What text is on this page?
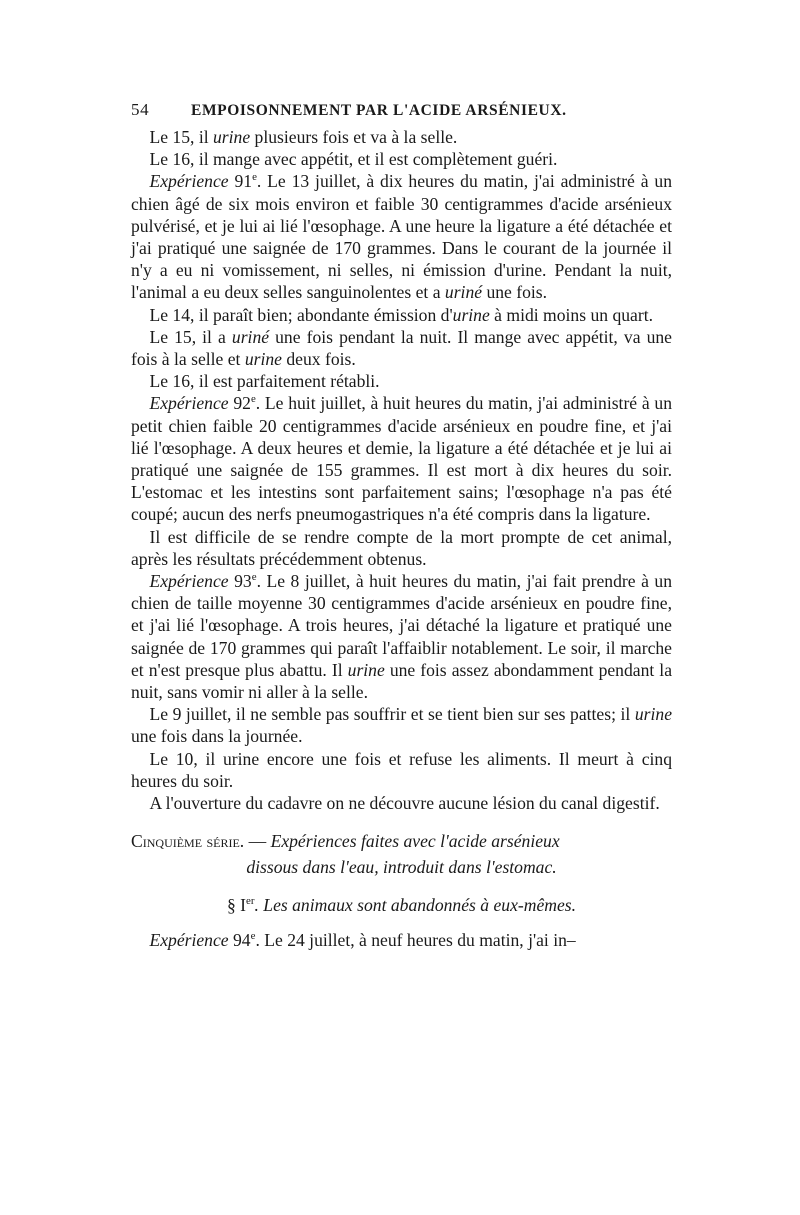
54	EMPOISONNEMENT PAR L'ACIDE ARSÉNIEUX.

Le 15, il urine plusieurs fois et va à la selle.

Le 16, il mange avec appétit, et il est complètement guéri.

Expérience 91e. Le 13 juillet, à dix heures du matin, j'ai administré à un chien âgé de six mois environ et faible 30 centigrammes d'acide arsénieux pulvérisé, et je lui ai lié l'œsophage. A une heure la ligature a été détachée et j'ai pratiqué une saignée de 170 grammes. Dans le courant de la journée il n'y a eu ni vomissement, ni selles, ni émission d'urine. Pendant la nuit, l'animal a eu deux selles sanguinolentes et a uriné une fois.

Le 14, il paraît bien; abondante émission d'urine à midi moins un quart.

Le 15, il a uriné une fois pendant la nuit. Il mange avec appétit, va une fois à la selle et urine deux fois.

Le 16, il est parfaitement rétabli.

Expérience 92e. Le huit juillet, à huit heures du matin, j'ai administré à un petit chien faible 20 centigrammes d'acide arsénieux en poudre fine, et j'ai lié l'œsophage. A deux heures et demie, la ligature a été détachée et je lui ai pratiqué une saignée de 155 grammes. Il est mort à dix heures du soir. L'estomac et les intestins sont parfaitement sains; l'œsophage n'a pas été coupé; aucun des nerfs pneumogastriques n'a été compris dans la ligature.

Il est difficile de se rendre compte de la mort prompte de cet animal, après les résultats précédemment obtenus.

Expérience 93e. Le 8 juillet, à huit heures du matin, j'ai fait prendre à un chien de taille moyenne 30 centigrammes d'acide arsénieux en poudre fine, et j'ai lié l'œsophage. A trois heures, j'ai détaché la ligature et pratiqué une saignée de 170 grammes qui paraît l'affaiblir notablement. Le soir, il marche et n'est presque plus abattu. Il urine une fois assez abondamment pendant la nuit, sans vomir ni aller à la selle.

Le 9 juillet, il ne semble pas souffrir et se tient bien sur ses pattes; il urine une fois dans la journée.

Le 10, il urine encore une fois et refuse les aliments. Il meurt à cinq heures du soir.

A l'ouverture du cadavre on ne découvre aucune lésion du canal digestif.

Cinquième série. — Expériences faites avec l'acide arsénieux
dissous dans l'eau, introduit dans l'estomac.

§ Ier. Les animaux sont abandonnés à eux-mêmes.

Expérience 94e. Le 24 juillet, à neuf heures du matin, j'ai in–
